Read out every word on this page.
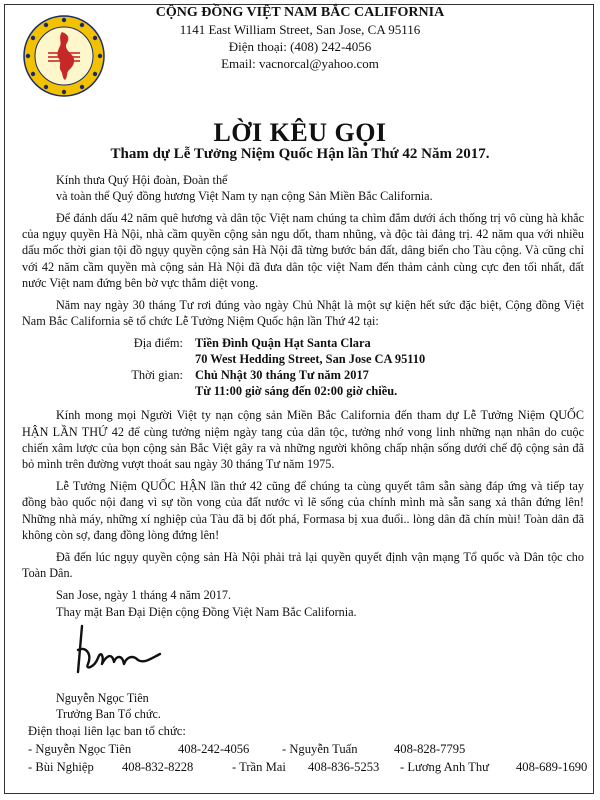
CỘNG ĐỒNG VIỆT NAM BẮC CALIFORNIA
1141 East William Street, San Jose, CA 95116
Điện thoại: (408) 242-4056
Email: vacnorcal@yahoo.com
LỜI KÊU GỌI
Tham dự Lễ Tưởng Niệm Quốc Hận lần Thứ 42 Năm 2017.
Kính thưa Quý Hội đoàn, Đoàn thể
và toàn thể Quý đồng hương Việt Nam ty nạn cộng Sản Miền Bắc California.

Để đánh dấu 42 năm quê hương và dân tộc Việt nam chúng ta chìm đắm dưới ách thống trị vô cùng hà khắc của ngụy quyền Hà Nội, nhà cầm quyền cộng sản ngu dốt, tham nhũng, và độc tài đảng trị. 42 năm qua với nhiều dấu mốc thời gian tội đồ ngụy quyền cộng sản Hà Nội đã từng bước bán đất, dâng biển cho Tàu cộng. Và cũng chỉ với 42 năm cầm quyền mà cộng sản Hà Nội đã đưa dân tộc việt Nam đến thảm cảnh cùng cực đen tối nhất, đất nước Việt nam đứng bên bờ vực thẳm diệt vong.

Năm nay ngày 30 tháng Tư rơi đúng vào ngày Chủ Nhật là một sự kiện hết sức đặc biệt, Cộng đồng Việt Nam Bắc California sẽ tổ chức Lễ Tưởng Niệm Quốc hận lần Thứ 42 tại:

Địa điểm: Tiền Đình Quận Hạt Santa Clara
70 West Hedding Street, San Jose CA 95110
Thời gian: Chủ Nhật 30 tháng Tư năm 2017
Từ 11:00 giờ sáng đến 02:00 giờ chiều.

Kính mong mọi Người Việt ty nạn cộng sản Miền Bắc California đến tham dự Lễ Tưởng Niệm QUỐC HẬN LẦN THỨ 42 để cùng tưởng niệm ngày tang của dân tộc, tưởng nhớ vong linh những nạn nhân do cuộc chiến xâm lược của bọn cộng sản Bắc Việt gây ra và những người không chấp nhận sống dưới chế độ cộng sản đã bỏ mình trên đường vượt thoát sau ngày 30 tháng Tư năm 1975.

Lễ Tưởng Niệm QUỐC HẬN lần thứ 42 cũng để chúng ta cùng quyết tâm sẵn sàng đáp ứng và tiếp tay đồng bào quốc nội đang vì sự tồn vong của đất nước vì lẽ sống của chính mình mà sẵn sang xả thân đứng lên! Những nhà máy, những xí nghiệp của Tàu đã bị đốt phá, Formasa bị xua đuổi.. lòng dân đã chín mùi! Toàn dân đã không còn sợ, đang đồng lòng đứng lên!

Đã đến lúc ngụy quyền cộng sản Hà Nội phải trả lại quyền quyết định vận mạng Tổ quốc và Dân tộc cho Toàn Dân.

San Jose, ngày 1 tháng 4 năm 2017.
Thay mặt Ban Đại Diện cộng Đồng Việt Nam Bắc California.
Nguyễn Ngọc Tiên
Trưởng Ban Tổ chức.
Điện thoại liên lạc ban tổ chức:
- Nguyễn Ngọc Tiên	408-242-4056	- Nguyễn Tuấn	408-828-7795
- Bùi Nghiệp	408-832-8228	- Trần Mai	408-836-5253	- Lương Anh Thư	408-689-1690
